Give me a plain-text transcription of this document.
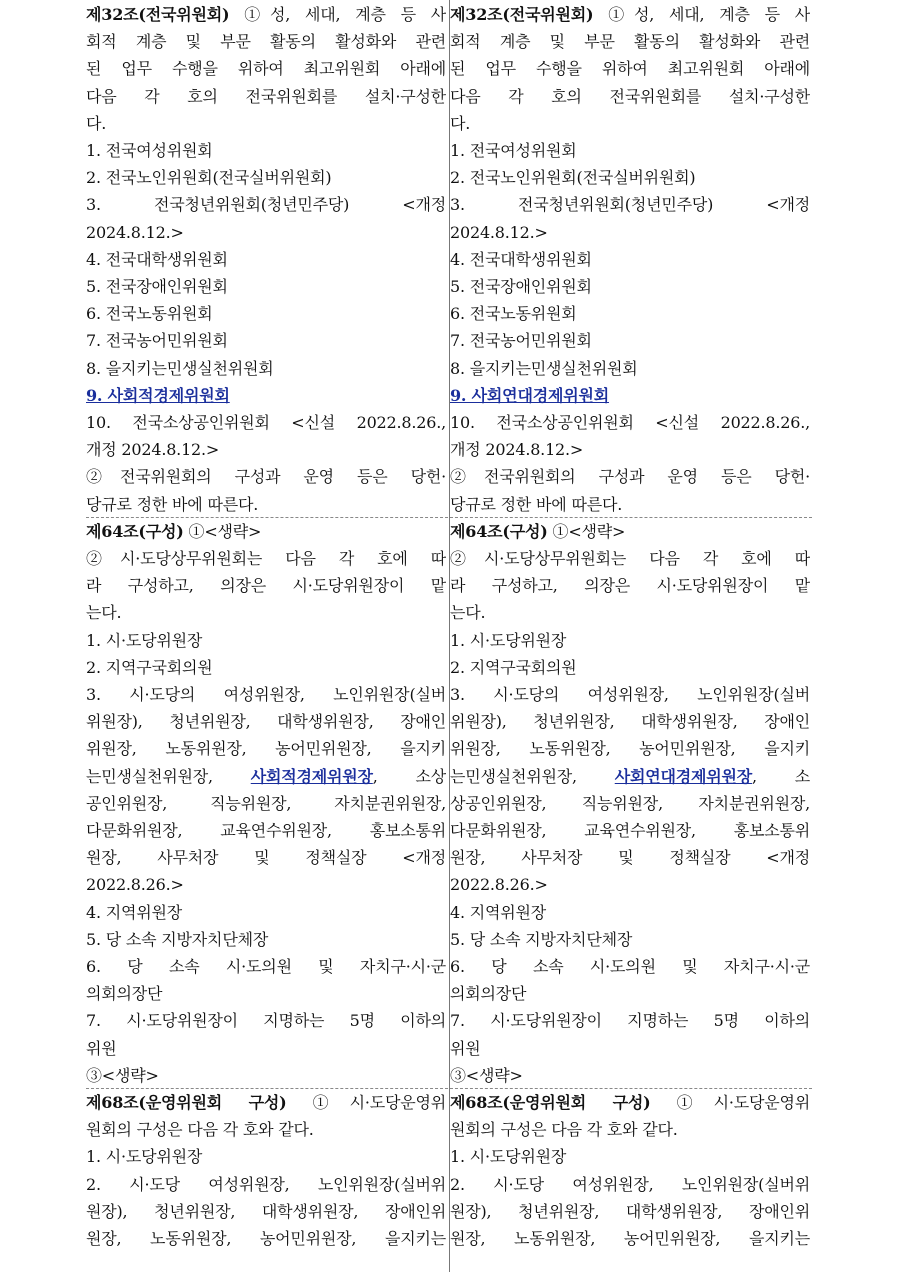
제32조(전국위원회) ①성, 세대, 계층 등 사
회적 계층 및 부문 활동의 활성화와 관련
된 업무 수행을 위하여 최고위원회 아래에
다음 각 호의 전국위원회를 설치·구성한
다.
1. 전국여성위원회
2. 전국노인위원회(전국실버위원회)
3. 전국청년위원회(청년민주당) <개정
2024.8.12.>
4. 전국대학생위원회
5. 전국장애인위원회
6. 전국노동위원회
7. 전국농어민위원회
8. 을지키는민생실천위원회
9. 사회적경제위원회
10. 전국소상공인위원회 <신설 2022.8.26.,
개정 2024.8.12.>
②전국위원회의 구성과 운영 등은 당헌·
당규로 정한 바에 따른다.
제64조(구성) ①<생략>
②시·도당상무위원회는 다음 각 호에 따
라 구성하고, 의장은 시·도당위원장이 맡
는다.
1. 시·도당위원장
2. 지역구국회의원
3. 시·도당의 여성위원장, 노인위원장(실버
위원장), 청년위원장, 대학생위원장, 장애인
위원장, 노동위원장, 농어민위원장, 을지키
는민생실천위원장, 사회적경제위원장, 소상
공인위원장, 직능위원장, 자치분권위원장,
다문화위원장, 교육연수위원장, 홍보소통위
원장, 사무처장 및 정책실장 <개정
2022.8.26.>
4. 지역위원장
5. 당 소속 지방자치단체장
6. 당 소속 시·도의원 및 자치구·시·군
의회의장단
7. 시·도당위원장이 지명하는 5명 이하의
위원
③<생략>
제68조(운영위원회 구성) ①시·도당운영위
원회의 구성은 다음 각 호와 같다.
1. 시·도당위원장
2. 시·도당 여성위원장, 노인위원장(실버위
원장), 청년위원장, 대학생위원장, 장애인위
원장, 노동위원장, 농어민위원장, 을지키는
제32조(전국위원회) ①성, 세대, 계층 등 사
회적 계층 및 부문 활동의 활성화와 관련
된 업무 수행을 위하여 최고위원회 아래에
다음 각 호의 전국위원회를 설치·구성한
다.
1. 전국여성위원회
2. 전국노인위원회(전국실버위원회)
3. 전국청년위원회(청년민주당) <개정
2024.8.12.>
4. 전국대학생위원회
5. 전국장애인위원회
6. 전국노동위원회
7. 전국농어민위원회
8. 을지키는민생실천위원회
9. 사회연대경제위원회
10. 전국소상공인위원회 <신설 2022.8.26.,
개정 2024.8.12.>
②전국위원회의 구성과 운영 등은 당헌·
당규로 정한 바에 따른다.
제64조(구성) ①<생략>
②시·도당상무위원회는 다음 각 호에 따
라 구성하고, 의장은 시·도당위원장이 맡
는다.
1. 시·도당위원장
2. 지역구국회의원
3. 시·도당의 여성위원장, 노인위원장(실버
위원장), 청년위원장, 대학생위원장, 장애인
위원장, 노동위원장, 농어민위원장, 을지키
는민생실천위원장, 사회연대경제위원장, 소
상공인위원장, 직능위원장, 자치분권위원장,
다문화위원장, 교육연수위원장, 홍보소통위
원장, 사무처장 및 정책실장 <개정
2022.8.26.>
4. 지역위원장
5. 당 소속 지방자치단체장
6. 당 소속 시·도의원 및 자치구·시·군
의회의장단
7. 시·도당위원장이 지명하는 5명 이하의
위원
③<생략>
제68조(운영위원회 구성) ①시·도당운영위
원회의 구성은 다음 각 호와 같다.
1. 시·도당위원장
2. 시·도당 여성위원장, 노인위원장(실버위
원장), 청년위원장, 대학생위원장, 장애인위
원장, 노동위원장, 농어민위원장, 을지키는
